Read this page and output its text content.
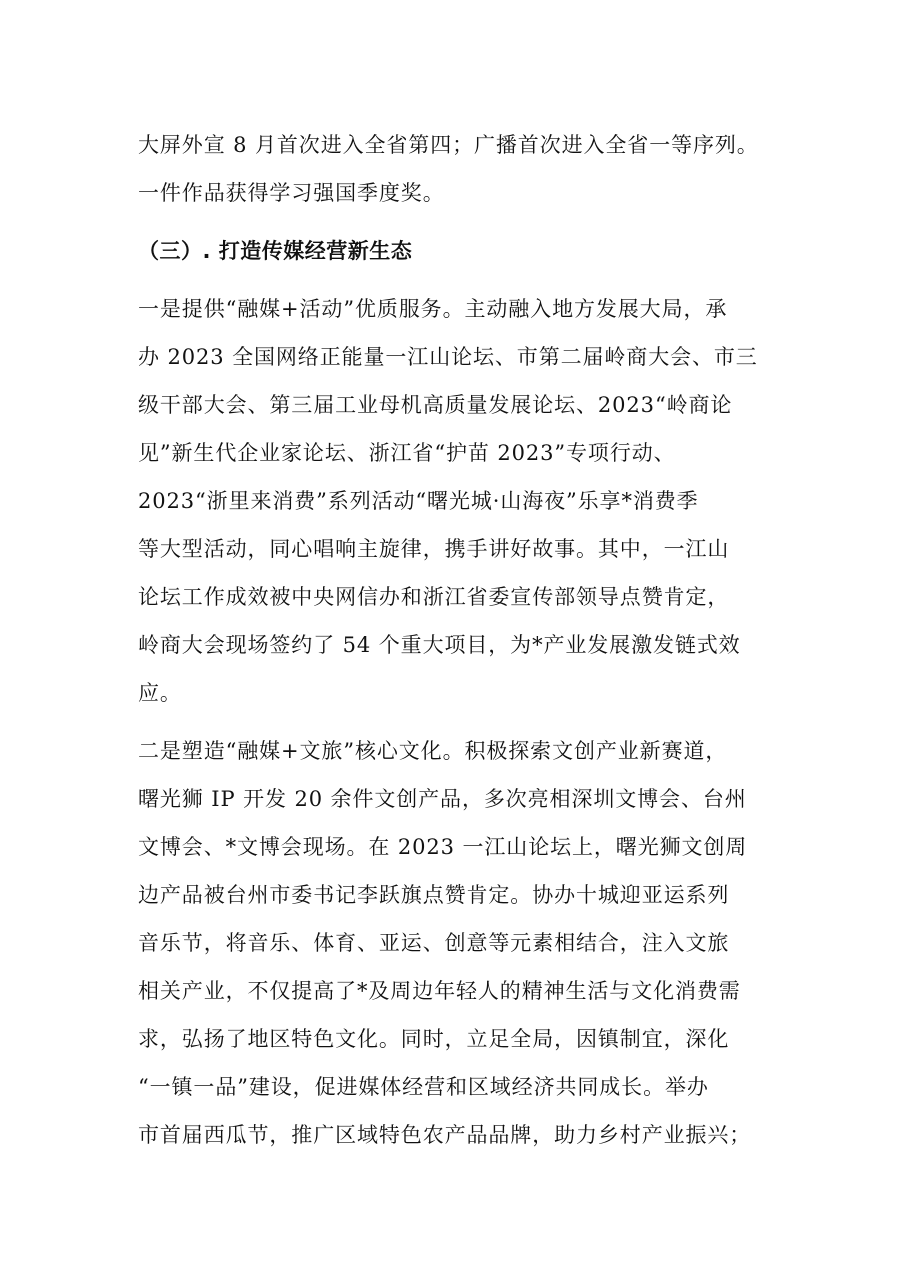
大屏外宣 8 月首次进入全省第四；广播首次进入全省一等序列。
一件作品获得学习强国季度奖。
（三）. 打造传媒经营新生态
一是提供“融媒+活动”优质服务。主动融入地方发展大局，承
办 2023 全国网络正能量一江山论坛、市第二届岭商大会、市三
级干部大会、第三届工业母机高质量发展论坛、2023“岭商论
见”新生代企业家论坛、浙江省“护苗 2023”专项行动、
2023“浙里来消费”系列活动“曙光城·山海夜”乐享*消费季
等大型活动，同心唱响主旋律，携手讲好故事。其中，一江山
论坛工作成效被中央网信办和浙江省委宣传部领导点赞肯定，
岭商大会现场签约了 54 个重大项目，为*产业发展激发链式效
应。
二是塑造“融媒+文旅”核心文化。积极探索文创产业新赛道，
曙光狮 IP 开发 20 余件文创产品，多次亮相深圳文博会、台州
文博会、*文博会现场。在 2023 一江山论坛上，曙光狮文创周
边产品被台州市委书记李跃旗点赞肯定。协办十城迎亚运系列
音乐节，将音乐、体育、亚运、创意等元素相结合，注入文旅
相关产业，不仅提高了*及周边年轻人的精神生活与文化消费需
求，弘扬了地区特色文化。同时，立足全局，因镇制宜，深化
“一镇一品”建设，促进媒体经营和区域经济共同成长。举办
市首届西瓜节，推广区域特色农产品品牌，助力乡村产业振兴；
